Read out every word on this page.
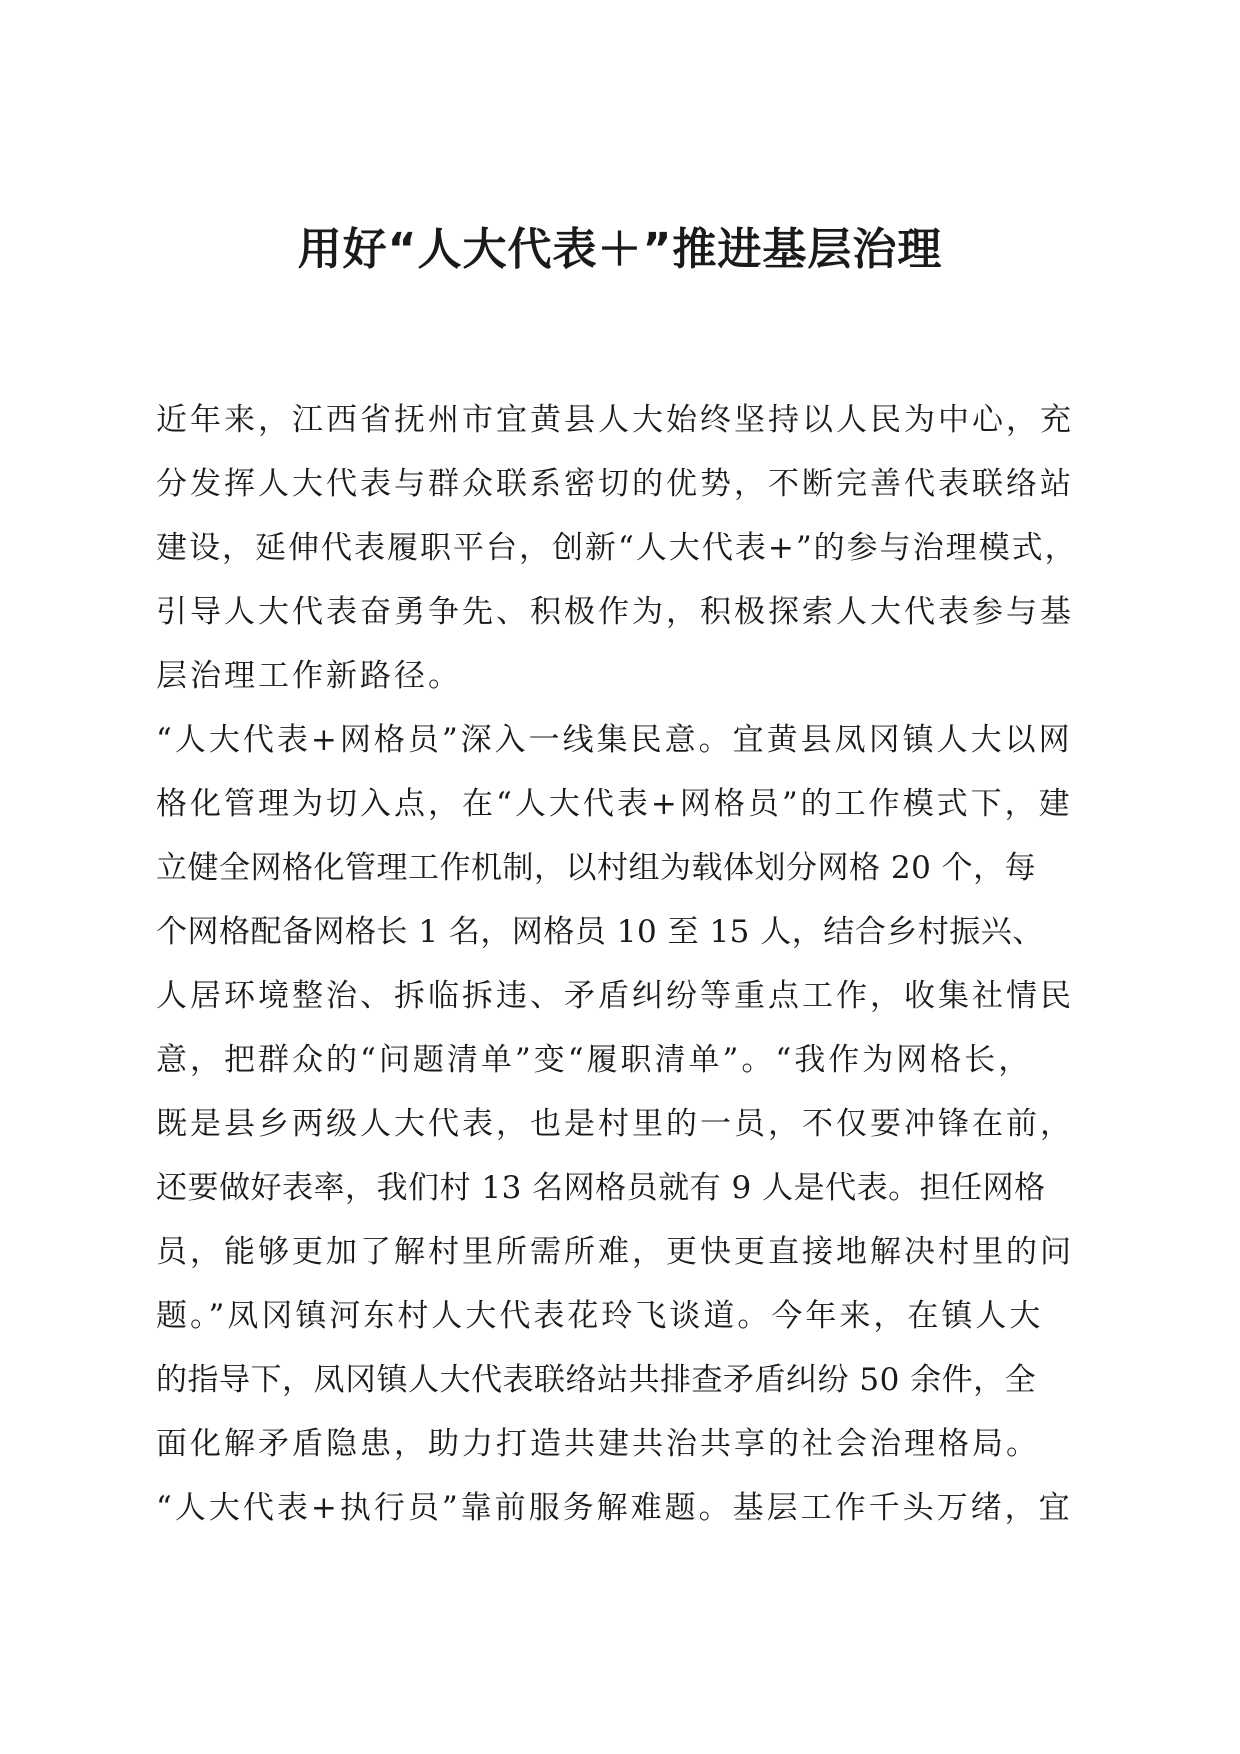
用好“人大代表＋”推进基层治理
近年来，江西省抚州市宜黄县人大始终坚持以人民为中心，充
分发挥人大代表与群众联系密切的优势，不断完善代表联络站
建设，延伸代表履职平台，创新“人大代表+”的参与治理模式，
引导人大代表奋勇争先、积极作为，积极探索人大代表参与基
层治理工作新路径。
“人大代表+网格员”深入一线集民意。宜黄县凤冈镇人大以网
格化管理为切入点，在“人大代表+网格员”的工作模式下，建
立健全网格化管理工作机制，以村组为载体划分网格 20 个，每
个网格配备网格长 1 名，网格员 10 至 15 人，结合乡村振兴、
人居环境整治、拆临拆违、矛盾纠纷等重点工作，收集社情民
意，把群众的“问题清单”变“履职清单”。“我作为网格长，
既是县乡两级人大代表，也是村里的一员，不仅要冲锋在前，
还要做好表率，我们村 13 名网格员就有 9 人是代表。担任网格
员，能够更加了解村里所需所难，更快更直接地解决村里的问
题。”凤冈镇河东村人大代表花玲飞谈道。今年来，在镇人大
的指导下，凤冈镇人大代表联络站共排查矛盾纠纷 50 余件，全
面化解矛盾隐患，助力打造共建共治共享的社会治理格局。
“人大代表+执行员”靠前服务解难题。基层工作千头万绪，宜
